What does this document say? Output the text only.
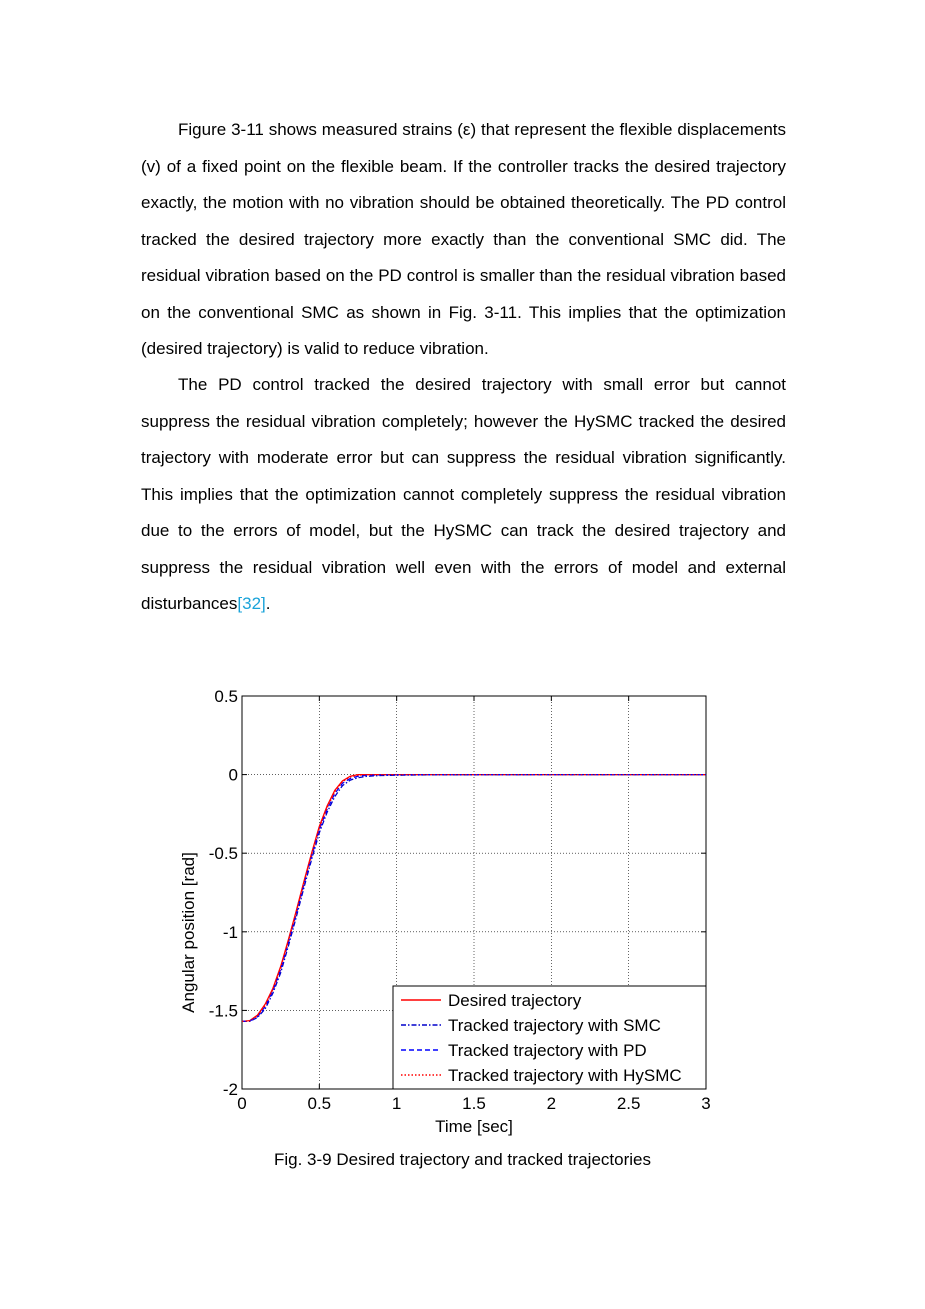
Figure 3-11 shows measured strains (ε) that represent the flexible displacements (v) of a fixed point on the flexible beam. If the controller tracks the desired trajectory exactly, the motion with no vibration should be obtained theoretically. The PD control tracked the desired trajectory more exactly than the conventional SMC did. The residual vibration based on the PD control is smaller than the residual vibration based on the conventional SMC as shown in Fig. 3-11. This implies that the optimization (desired trajectory) is valid to reduce vibration.

The PD control tracked the desired trajectory with small error but cannot suppress the residual vibration completely; however the HySMC tracked the desired trajectory with moderate error but can suppress the residual vibration significantly. This implies that the optimization cannot completely suppress the residual vibration due to the errors of model, but the HySMC can track the desired trajectory and suppress the residual vibration well even with the errors of model and external disturbances[32].

0	0.5	1	1.5	2	2.5	3
-2
-1.5
-1
-0.5
0
0.5
Time [sec]
Angular position [rad]	Desired trajectory
Tracked trajectory with SMC
Tracked trajectory with PD
Tracked trajectory with HySMC
Fig. 3-9 Desired trajectory and tracked trajectories
